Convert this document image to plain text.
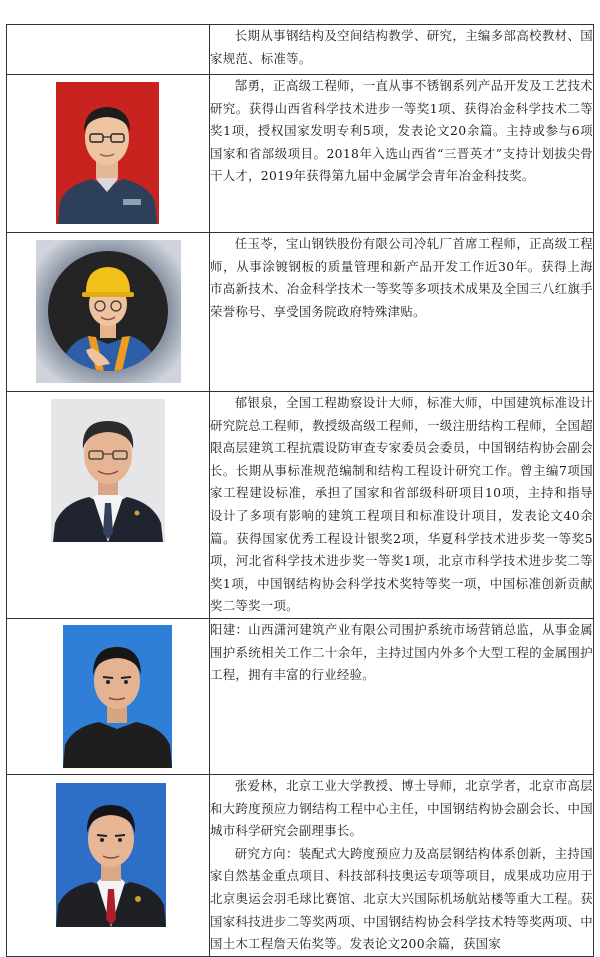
	长期从事钢结构及空间结构教学、研究，主编多部高校教材、国家规范、标准等。

郜勇，正高级工程师，一直从事不锈钢系列产品开发及工艺技术研究。获得山西省科学技术进步一等奖1项、获得冶金科学技术二等奖1项，授权国家发明专利5项，发表论文20余篇。主持或参与6项国家和省部级项目。2018年入选山西省“三晋英才”支持计划拔尖骨干人才，2019年获得第九届中金属学会青年冶金科技奖。

任玉苓，宝山钢铁股份有限公司冷轧厂首席工程师，正高级工程师，从事涂镀钢板的质量管理和新产品开发工作近30年。获得上海市高新技术、冶金科学技术一等奖等多项技术成果及全国三八红旗手荣誉称号、享受国务院政府特殊津贴。

郁银泉，全国工程勘察设计大师，标准大师，中国建筑标准设计研究院总工程师，教授级高级工程师，一级注册结构工程师，全国超限高层建筑工程抗震设防审查专家委员会委员，中国钢结构协会副会长。长期从事标准规范编制和结构工程设计研究工作。曾主编7项国家工程建设标准，承担了国家和省部级科研项目10项，主持和指导设计了多项有影响的建筑工程项目和标准设计项目，发表论文40余篇。获得国家优秀工程设计银奖2项，华夏科学技术进步奖一等奖5项，河北省科学技术进步奖一等奖1项，北京市科学技术进步奖二等奖1项，中国钢结构协会科学技术奖特等奖一项，中国标准创新贡献奖二等奖一项。

阳建：山西潇河建筑产业有限公司围护系统市场营销总监，从事金属围护系统相关工作二十余年，主持过国内外多个大型工程的金属围护工程，拥有丰富的行业经验。

张爱林，北京工业大学教授、博士导师，北京学者，北京市高层和大跨度预应力钢结构工程中心主任，中国钢结构协会副会长、中国城市科学研究会副理事长。

研究方向：装配式大跨度预应力及高层钢结构体系创新，主持国家自然基金重点项目、科技部科技奥运专项等项目，成果成功应用于北京奥运会羽毛球比赛馆、北京大兴国际机场航站楼等重大工程。获国家科技进步二等奖两项、中国钢结构协会科学技术特等奖两项、中国土木工程詹天佑奖等。发表论文200余篇，获国家
